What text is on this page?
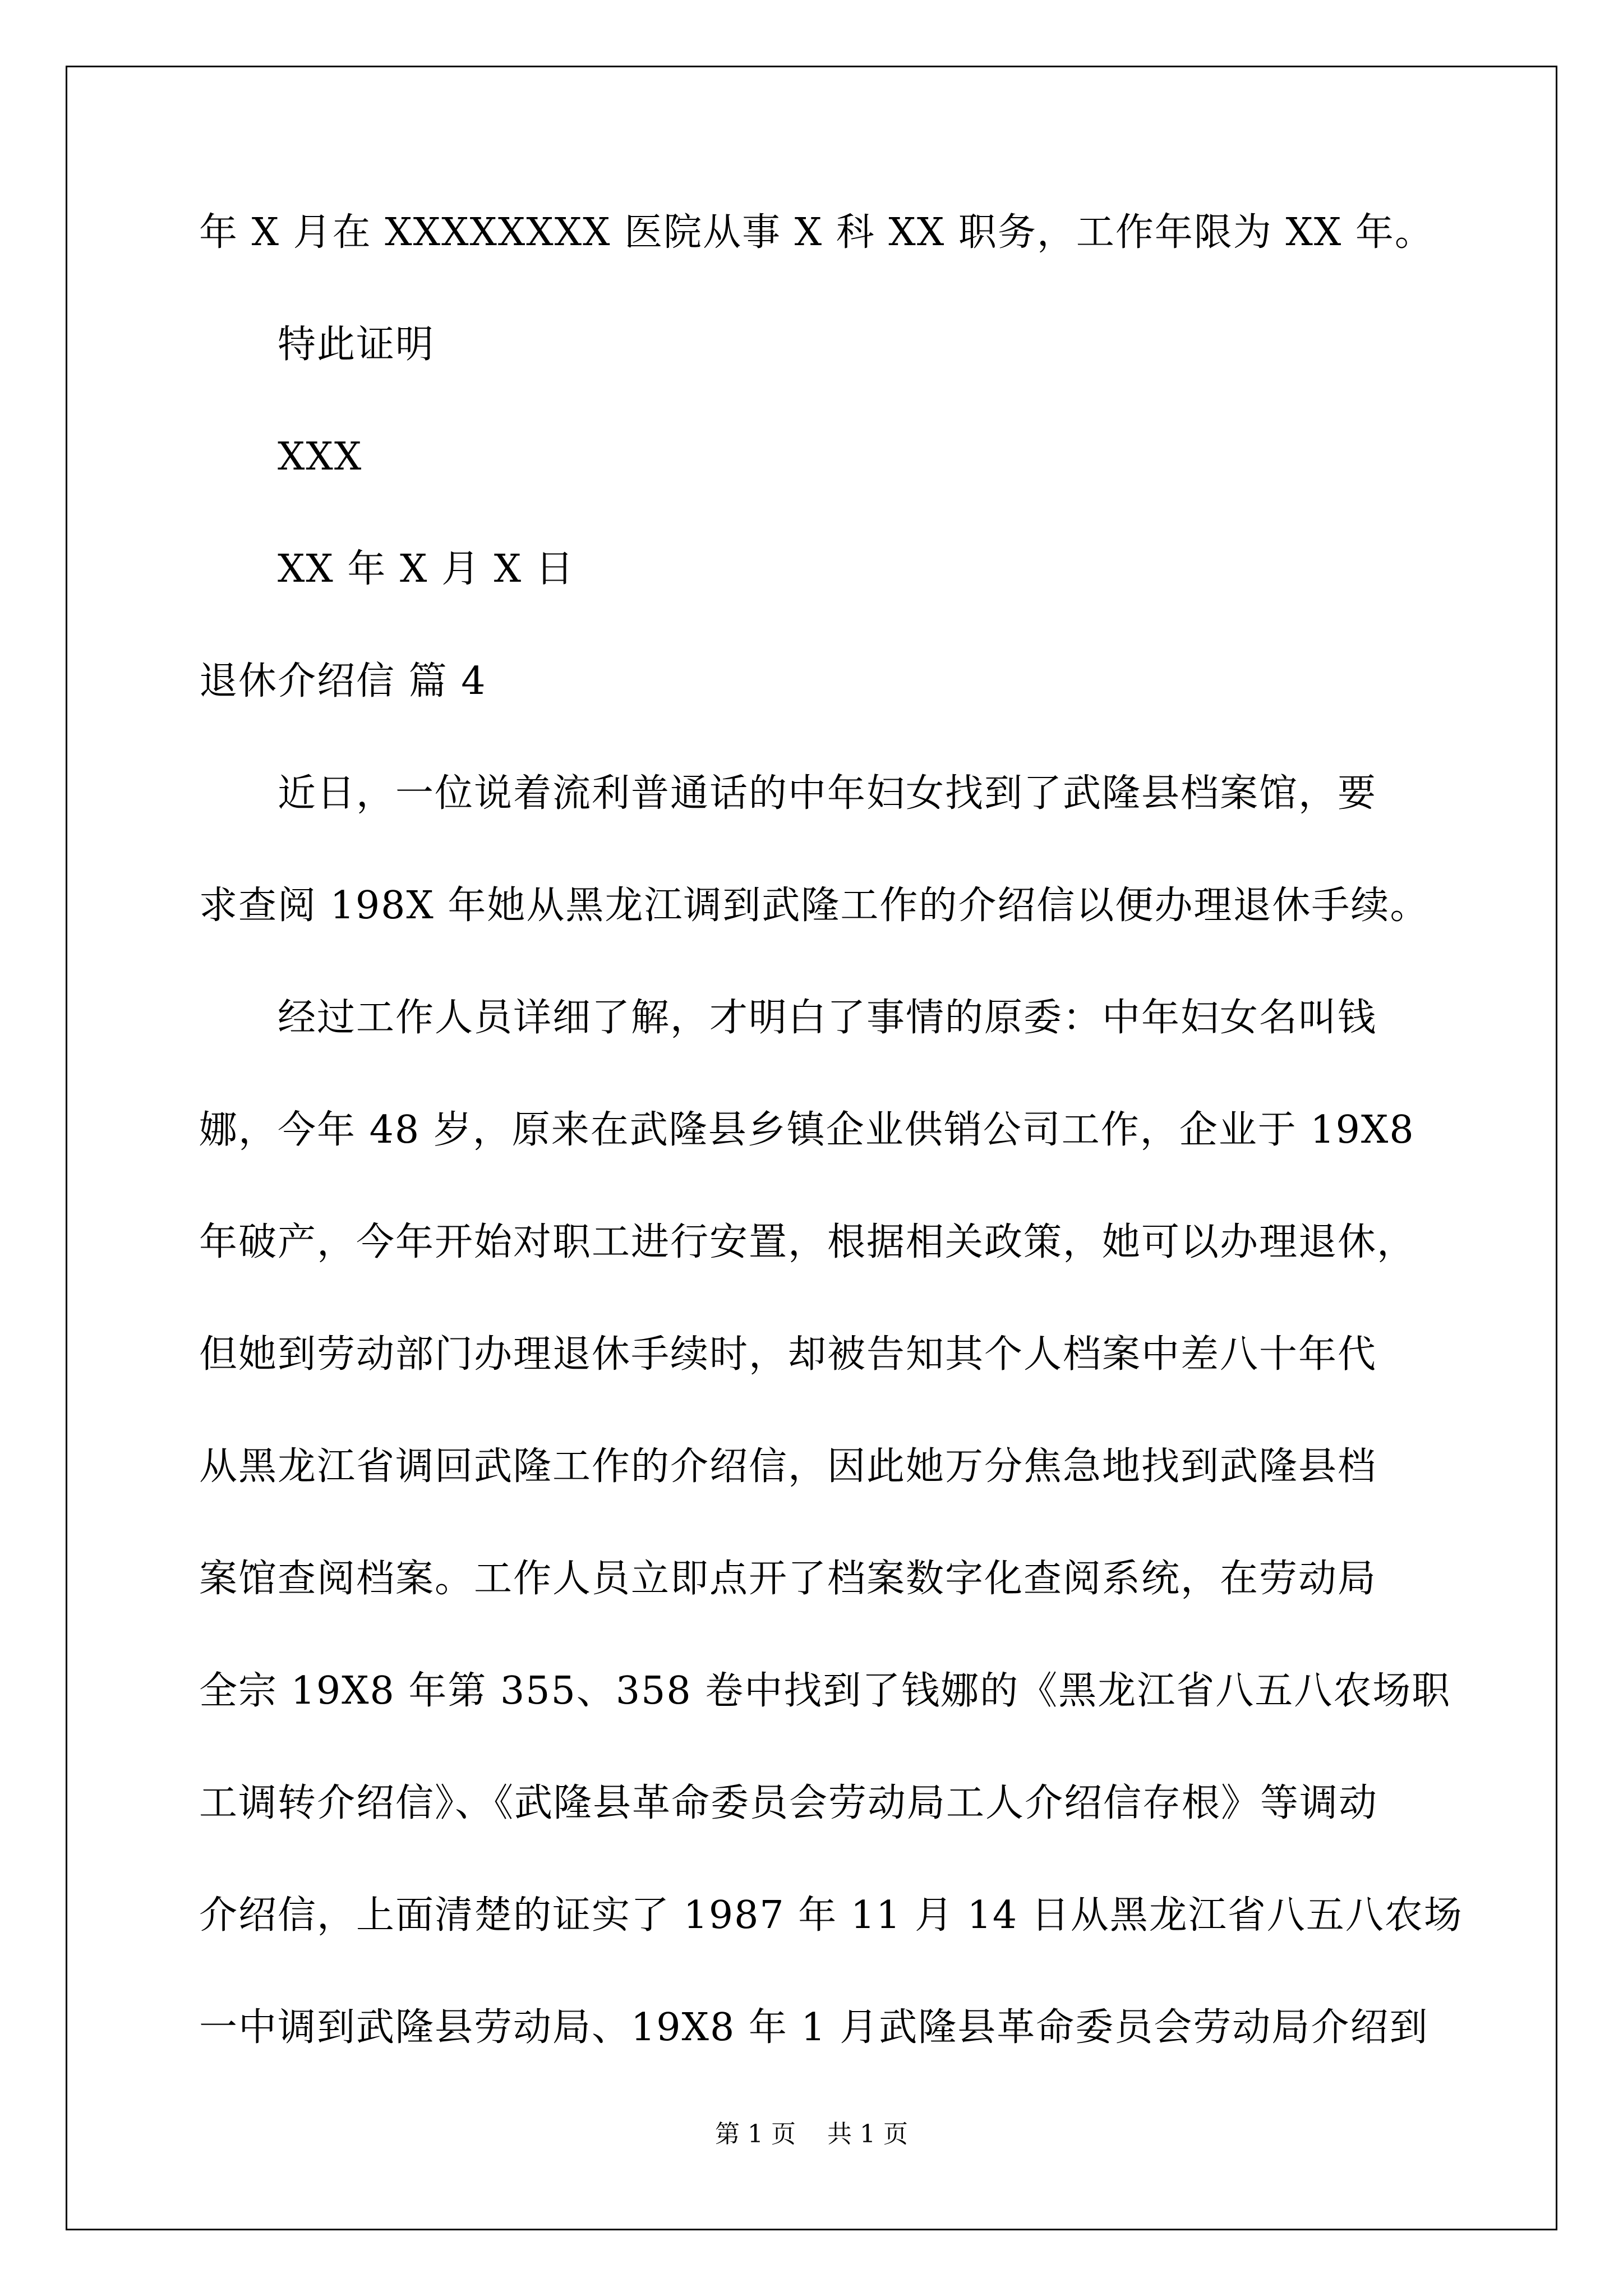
年 X 月在 XXXXXXXX 医院从事 X 科 XX 职务，工作年限为 XX 年。
特此证明
XXX
XX 年 X 月 X 日
退休介绍信 篇 4
近日，一位说着流利普通话的中年妇女找到了武隆县档案馆，要
求查阅 198X 年她从黑龙江调到武隆工作的介绍信以便办理退休手续。
经过工作人员详细了解，才明白了事情的原委：中年妇女名叫钱
娜，今年 48 岁，原来在武隆县乡镇企业供销公司工作，企业于 19X8
年破产，今年开始对职工进行安置，根据相关政策，她可以办理退休，
但她到劳动部门办理退休手续时，却被告知其个人档案中差八十年代
从黑龙江省调回武隆工作的介绍信，因此她万分焦急地找到武隆县档
案馆查阅档案。工作人员立即点开了档案数字化查阅系统，在劳动局
全宗 19X8 年第 355、358 卷中找到了钱娜的《黑龙江省八五八农场职
工调转介绍信》、《武隆县革命委员会劳动局工人介绍信存根》等调动
介绍信，上面清楚的证实了 1987 年 11 月 14 日从黑龙江省八五八农场
一中调到武隆县劳动局、19X8 年 1 月武隆县革命委员会劳动局介绍到
第 1 页 共 1 页
